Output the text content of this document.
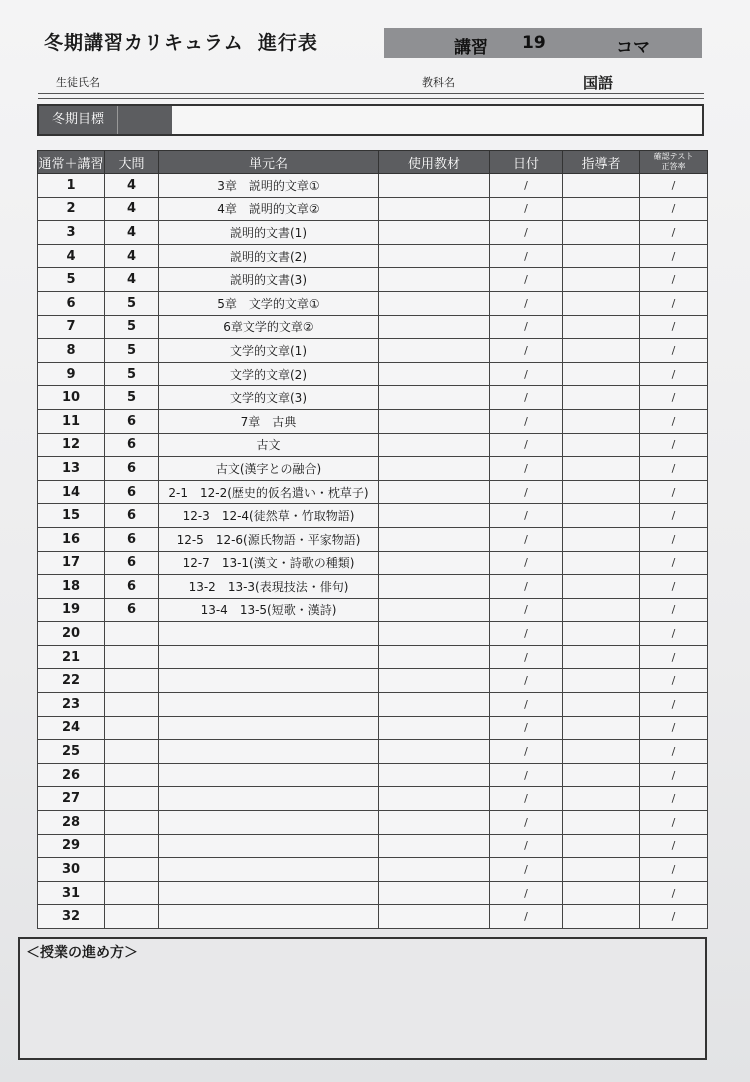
冬期講習カリキュラム 進行表	講習 19	コマ
生徒氏名	教科名	国語
冬期目標
通常＋講習	大問	単元名	使用教材	日付	指導者	確認テスト
正答率
1	4	3章　説明的文章①		/		/
2	4	4章　説明的文章②		/		/
3	4	説明的文書(1)		/		/
4	4	説明的文書(2)		/		/
5	4	説明的文書(3)		/		/
6	5	5章　文学的文章①		/		/
7	5	6章文学的文章②		/		/
8	5	文学的文章(1)		/		/
9	5	文学的文章(2)		/		/
10	5	文学的文章(3)		/		/
11	6	7章　古典		/		/
12	6	古文		/		/
13	6	古文(漢字との融合)		/		/
14	6	2-1　12-2(歴史的仮名遣い・枕草子)		/		/
15	6	12-3　12-4(徒然草・竹取物語)		/		/
16	6	12-5　12-6(源氏物語・平家物語)		/		/
17	6	12-7　13-1(漢文・詩歌の種類)		/		/
18	6	13-2　13-3(表現技法・俳句)		/		/
19	6	13-4　13-5(短歌・漢詩)		/		/
20				/		/
21				/		/
22				/		/
23				/		/
24				/		/
25				/		/
26				/		/
27				/		/
28				/		/
29				/		/
30				/		/
31				/		/
32				/		/
＜授業の進め方＞
